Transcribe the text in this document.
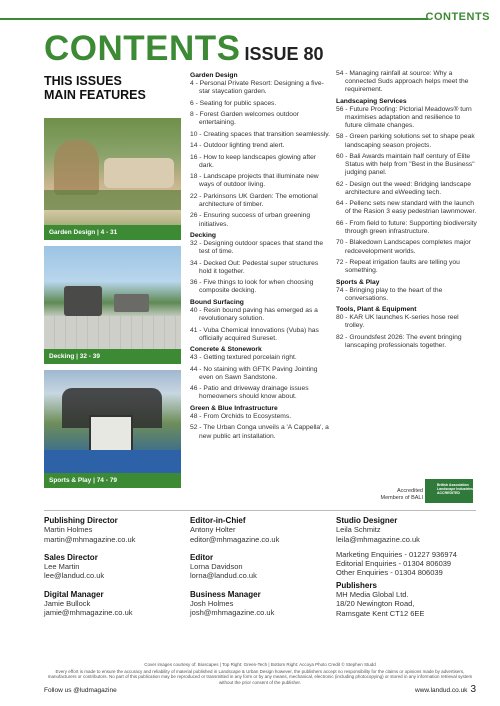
CONTENTS
CONTENTS ISSUE 80
THIS ISSUES
MAIN FEATURES
Garden Design | 4 - 31
Decking | 32 - 39
Sports & Play | 74 - 79
Garden Design
4 - Personal Private Resort: Designing a five-star staycation garden.
6 - Seating for public spaces.
8 - Forest Garden welcomes outdoor entertaining.
10 - Creating spaces that transition seamlessly.
14 - Outdoor lighting trend alert.
16 - How to keep landscapes glowing after dark.
18 - Landscape projects that illuminate new ways of outdoor living.
22 - Parkinsons UK Garden: The emotional architecture of timber.
26 - Ensuring success of urban greening initiatives.
Decking
32 - Designing outdoor spaces that stand the test of time.
34 - Decked Out: Pedestal super structures hold it together.
36 - Five things to look for when choosing composite decking.
Bound Surfacing
40 - Resin bound paving has emerged as a revolutionary solution.
41 - Vuba Chemical Innovations (Vuba) has officially acquired Sureset.
Concrete & Stonework
43 - Getting textured porcelain right.
44 - No staining with GFTK Paving Jointing even on Sawn Sandstone.
46 - Patio and driveway drainage issues homeowners should know about.
Green & Blue Infrastructure
48 - From Orchids to Ecosystems.
52 - The Urban Conga unveils a 'A Cappella', a new public art installation.
54 - Managing rainfall at source: Why a connected Suds approach helps meet the requirement.
Landscaping Services
56 - Future Proofing: Pictorial Meadows® turn maximises adaptation and resilience to future climate changes.
58 - Green parking solutions set to shape peak landscaping season projects.
60 - Bali Awards maintain half century of Elite Status with help from "Best in the Business" judging panel.
62 - Design out the weed: Bridging landscape architecture and eWeeding tech.
64 - Pellenc sets new standard with the launch of the Rasion 3 easy pedestrian lawnmower.
66 - From field to future: Supporting biodiversity through green infrastructure.
70 - Blakedown Landscapes completes major redcevelopment worlds.
72 - Repeat irrigation faults are telling you something.
Sports & Play
74 - Bringing play to the heart of the conversations.
Tools, Plant & Equipment
80 - KAR UK launches K-series hose reel trolley.
82 - Groundsfest 2026: The event bringing lanscaping professionals together.
Accredited
Members of BALI
British Association Landscape Industries ACCREDITED
Publishing Director
Martin Holmes
martin@mhmagazine.co.uk
Sales Director
Lee Martin
lee@landud.co.uk
Digital Manager
Jamie Bullock
jamie@mhmagazine.co.uk
Editor-in-Chief
Antony Holter
editor@mhmagazine.co.uk
Editor
Lorna Davidson
lorna@landud.co.uk
Business Manager
Josh Holmes
josh@mhmagazine.co.uk
Studio Designer
Leila Schmitz
leila@mhmagazine.co.uk
Marketing Enquiries - 01227 936974
Editorial Enquiries - 01304 806039
Other Enquiries - 01304 806039
Publishers
MH Media Global Ltd.
18/20 Newington Road,
Ramsgate Kent CT12 6EE
Cover images courtesy of: Bioscapes | Top Right: Green-Tech | Bottom Right: Accoya Photo Credit © Stephen Studd
Every effort is made to ensure the accuracy and reliability of material published in Landscape & Urban Design however, the publishers accept no responsibility for the claims or opinions made by advertisers, manufacturers or contributors. No part of this publication may be reproduced or transmitted in any form or by any means, mechanical, electronic (including photocopying) or stored in any information retrieval system without the prior consent of the publisher.
Follow us @ludmagazine	www.landud.co.uk 3
